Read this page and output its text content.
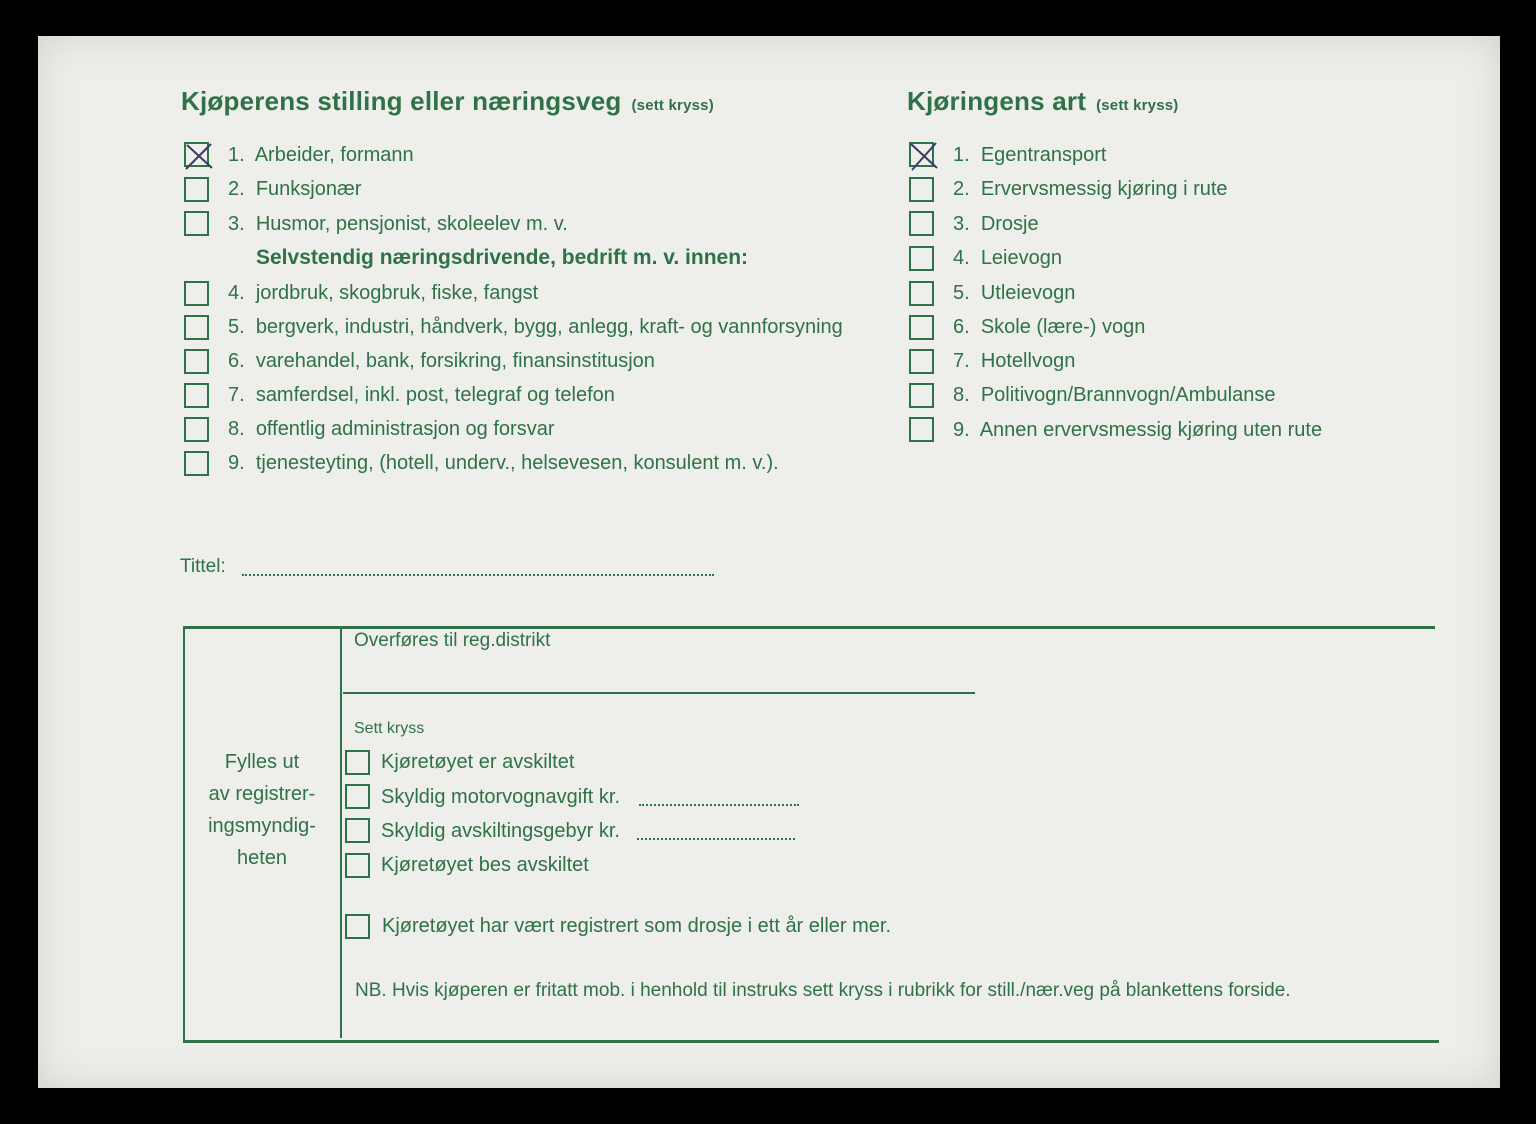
Kjøperens stilling eller næringsveg (sett kryss)
1. Arbeider, formann
2. Funksjonær
3. Husmor, pensjonist, skoleelev m. v.
Selvstendig næringsdrivende, bedrift m. v. innen:
4. jordbruk, skogbruk, fiske, fangst
5. bergverk, industri, håndverk, bygg, anlegg, kraft- og vannforsyning
6. varehandel, bank, forsikring, finansinstitusjon
7. samferdsel, inkl. post, telegraf og telefon
8. offentlig administrasjon og forsvar
9. tjenesteyting, (hotell, underv., helsevesen, konsulent m. v.).
Kjøringens art (sett kryss)
1. Egentransport
2. Ervervsmessig kjøring i rute
3. Drosje
4. Leievogn
5. Utleievogn
6. Skole (lære-) vogn
7. Hotellvogn
8. Politivogn/Brannvogn/Ambulanse
9. Annen ervervsmessig kjøring uten rute
Tittel:
Fylles ut
av registrer-
ingsmyndig-
heten
Overføres til reg.distrikt
Sett kryss
Kjøretøyet er avskiltet
Skyldig motorvognavgift kr.
Skyldig avskiltingsgebyr kr.
Kjøretøyet bes avskiltet
Kjøretøyet har vært registrert som drosje i ett år eller mer.
NB. Hvis kjøperen er fritatt mob. i henhold til instruks sett kryss i rubrikk for still./nær.veg på blankettens forside.
